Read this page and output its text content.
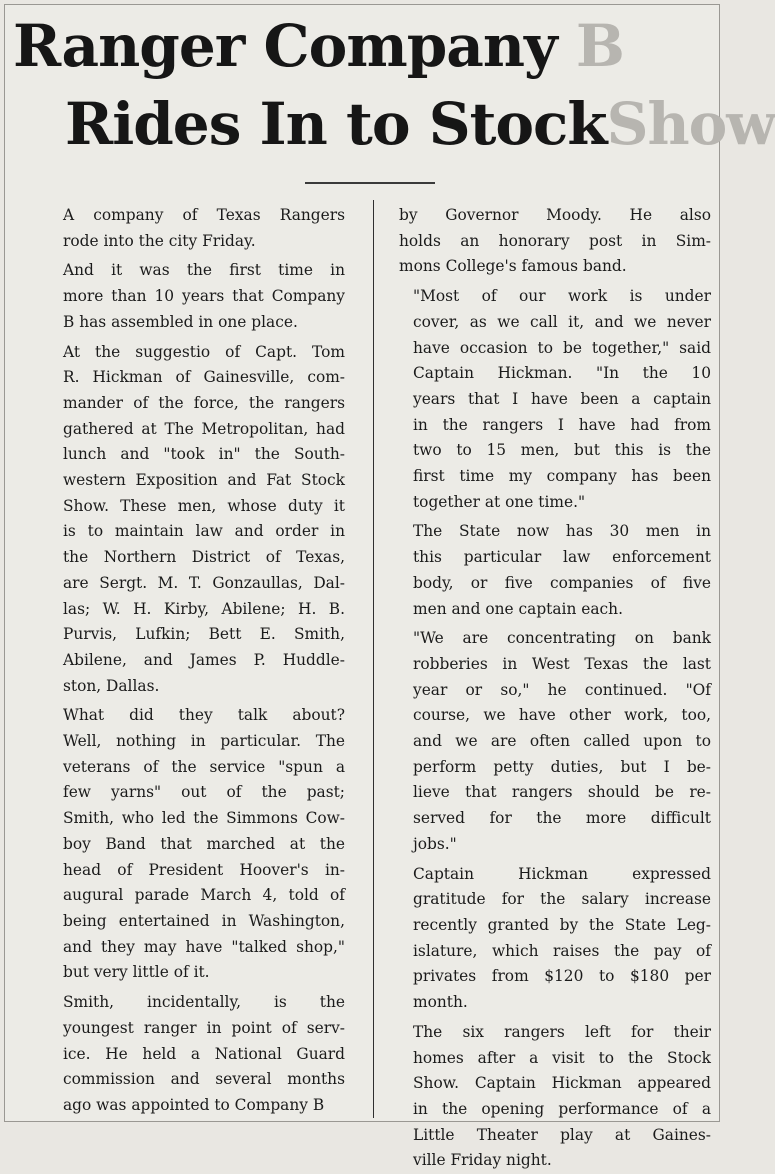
Ranger Company B
Rides In to StockShow

A company of Texas Rangers
rode into the city Friday.

And it was the first time in
more than 10 years that Company
B has assembled in one place.

At the suggestio of Capt. Tom
R. Hickman of Gainesville, com-
mander of the force, the rangers
gathered at The Metropolitan, had
lunch and "took in" the South-
western Exposition and Fat Stock
Show. These men, whose duty it
is to maintain law and order in
the Northern District of Texas,
are Sergt. M. T. Gonzaullas, Dal-
las; W. H. Kirby, Abilene; H. B.
Purvis, Lufkin; Bett E. Smith,
Abilene, and James P. Huddle-
ston, Dallas.

What did they talk about?
Well, nothing in particular. The
veterans of the service "spun a
few yarns" out of the past;
Smith, who led the Simmons Cow-
boy Band that marched at the
head of President Hoover's in-
augural parade March 4, told of
being entertained in Washington,
and they may have "talked shop,"
but very little of it.

Smith, incidentally, is the
youngest ranger in point of serv-
ice. He held a National Guard
commission and several months
ago was appointed to Company B

by Governor Moody. He also
holds an honorary post in Sim-
mons College's famous band.

"Most of our work is under
cover, as we call it, and we never
have occasion to be together," said
Captain Hickman. "In the 10
years that I have been a captain
in the rangers I have had from
two to 15 men, but this is the
first time my company has been
together at one time."

The State now has 30 men in
this particular law enforcement
body, or five companies of five
men and one captain each.

"We are concentrating on bank
robberies in West Texas the last
year or so," he continued. "Of
course, we have other work, too,
and we are often called upon to
perform petty duties, but I be-
lieve that rangers should be re-
served for the more difficult
jobs."

Captain Hickman expressed
gratitude for the salary increase
recently granted by the State Leg-
islature, which raises the pay of
privates from $120 to $180 per
month.

The six rangers left for their
homes after a visit to the Stock
Show. Captain Hickman appeared
in the opening performance of a
Little Theater play at Gaines-
ville Friday night.
